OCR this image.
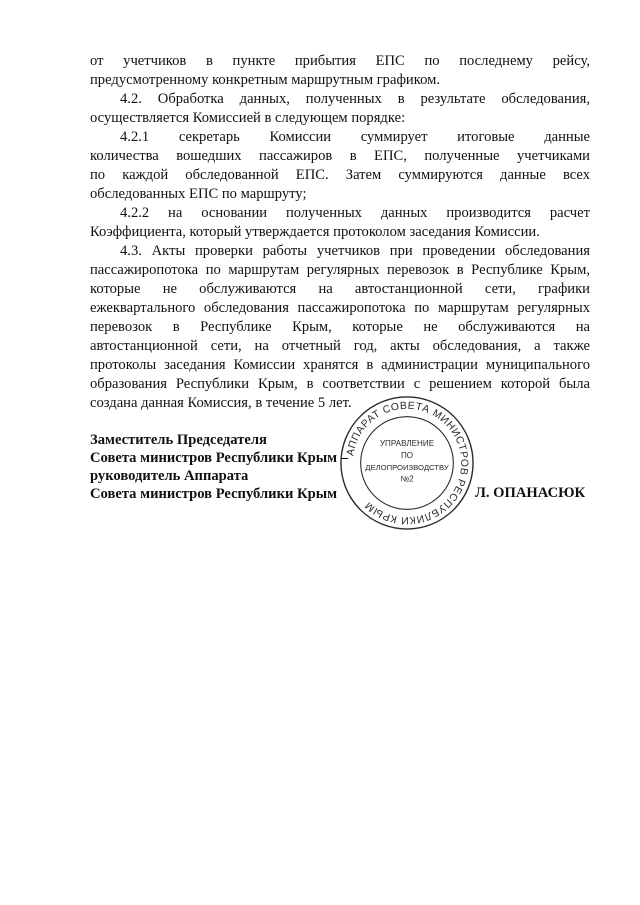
от учетчиков в пункте прибытия ЕПС по последнему рейсу,
предусмотренному конкретным маршрутным графиком.
4.2. Обработка данных, полученных в результате обследования,
осуществляется Комиссией в следующем порядке:
4.2.1 секретарь Комиссии суммирует итоговые данные
количества вошедших пассажиров в ЕПС, полученные учетчиками
по каждой обследованной ЕПС. Затем суммируются данные всех
обследованных ЕПС по маршруту;
4.2.2 на основании полученных данных производится расчет
Коэффициента, который утверждается протоколом заседания Комиссии.
4.3. Акты проверки работы учетчиков при проведении обследования
пассажиропотока по маршрутам регулярных перевозок в Республике Крым,
которые не обслуживаются на автостанционной сети, графики
ежеквартального обследования пассажиропотока по маршрутам регулярных
перевозок в Республике Крым, которые не обслуживаются на
автостанционной сети, на отчетный год, акты обследования, а также
протоколы заседания Комиссии хранятся в администрации муниципального
образования Республики Крым, в соответствии с решением которой была
создана данная Комиссия, в течение 5 лет.
Заместитель Председателя
Совета министров Республики Крым –
руководитель Аппарата
Совета министров Республики Крым	Л. ОПАНАСЮК
АППАРАТ СОВЕТА МИНИСТРОВ РЕСПУБЛИКИ КРЫМ
УПРАВЛЕНИЕ
ПО
ДЕЛОПРОИЗВОДСТВУ
№2
